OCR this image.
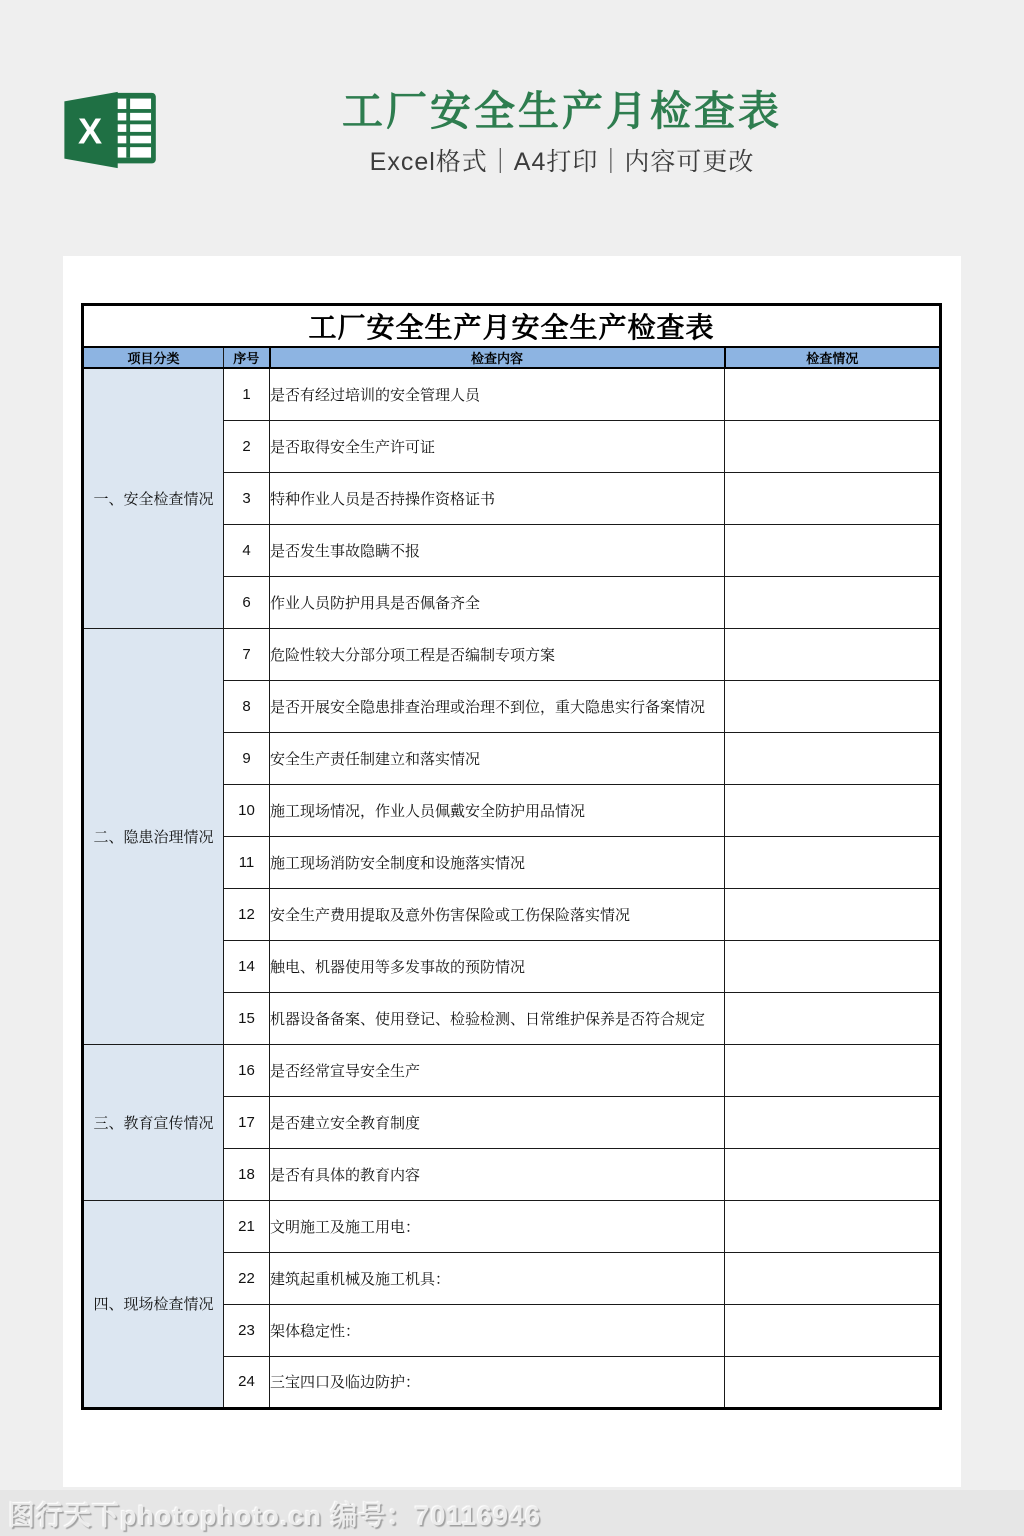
X	工厂安全生产月检查表

Excel格式｜A4打印｜内容可更改

工厂安全生产月安全生产检查表			
项目分类	序号	检查内容	检查情况
一、安全检查情况	1	是否有经过培训的安全管理人员	
	2	是否取得安全生产许可证	
	3	特种作业人员是否持操作资格证书	
	4	是否发生事故隐瞒不报	
	6	作业人员防护用具是否佩备齐全	
二、隐患治理情况	7	危险性较大分部分项工程是否编制专项方案	
	8	是否开展安全隐患排查治理或治理不到位，重大隐患实行备案情况	
	9	安全生产责任制建立和落实情况	
	10	施工现场情况，作业人员佩戴安全防护用品情况	
	11	施工现场消防安全制度和设施落实情况	
	12	安全生产费用提取及意外伤害保险或工伤保险落实情况	
	14	触电、机器使用等多发事故的预防情况	
	15	机器设备备案、使用登记、检验检测、日常维护保养是否符合规定	
三、教育宣传情况	16	是否经常宣导安全生产	
	17	是否建立安全教育制度	
	18	是否有具体的教育内容	
四、现场检查情况	21	文明施工及施工用电：	
	22	建筑起重机械及施工机具：	
	23	架体稳定性：	
	24	三宝四口及临边防护：	
图行天下photophoto.cn 编号：70116946
